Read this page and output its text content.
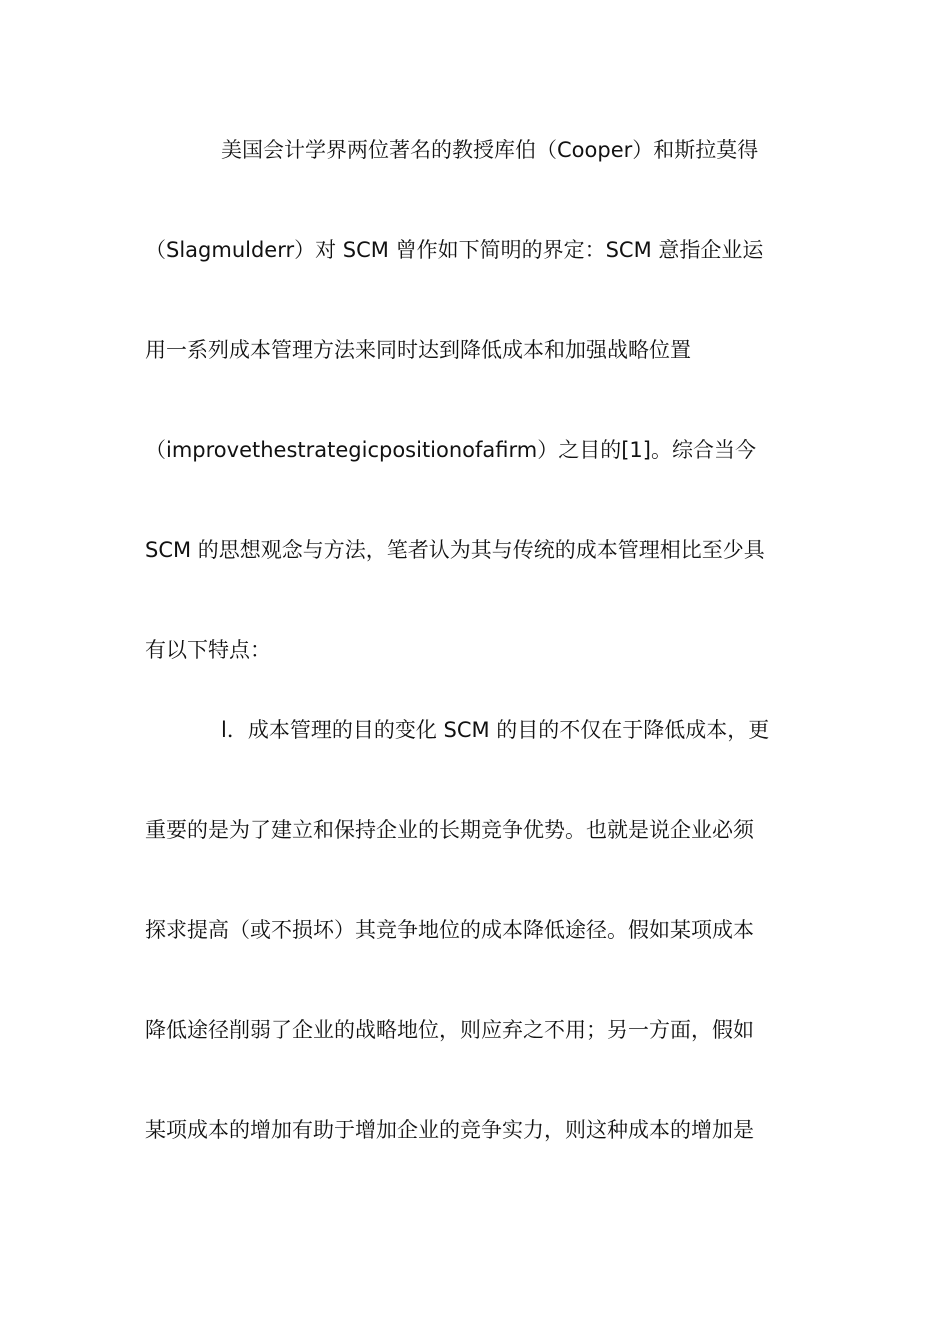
美国会计学界两位著名的教授库伯（Cooper）和斯拉莫得
（Slagmulderr）对 SCM 曾作如下简明的界定：SCM 意指企业运
用一系列成本管理方法来同时达到降低成本和加强战略位置
（improvethestrategicpositionofafirm）之目的[1]。综合当今
SCM 的思想观念与方法，笔者认为其与传统的成本管理相比至少具
有以下特点：
l．成本管理的目的变化 SCM 的目的不仅在于降低成本，更
重要的是为了建立和保持企业的长期竞争优势。也就是说企业必须
探求提高（或不损坏）其竞争地位的成本降低途径。假如某项成本
降低途径削弱了企业的战略地位，则应弃之不用；另一方面，假如
某项成本的增加有助于增加企业的竞争实力，则这种成本的增加是
